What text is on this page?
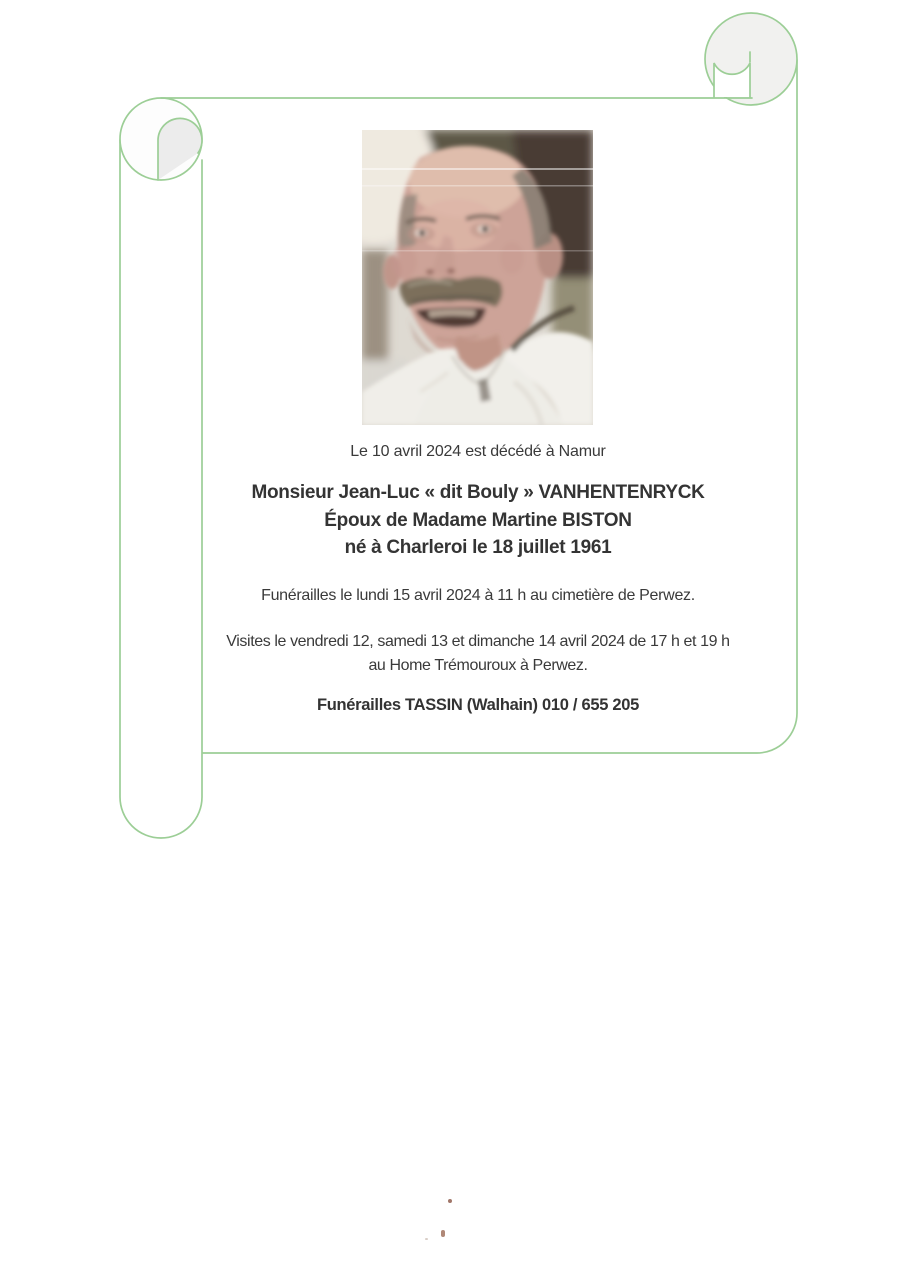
Le 10 avril 2024 est décédé à Namur
Monsieur Jean-Luc « dit Bouly » VANHENTENRYCK
Époux de Madame Martine BISTON
né à Charleroi le 18 juillet 1961
Funérailles le lundi 15 avril 2024 à 11 h au cimetière de Perwez.
Visites le vendredi 12, samedi 13 et dimanche 14 avril 2024 de 17 h et 19 h
au Home Trémouroux à Perwez.
Funérailles TASSIN (Walhain) 010 / 655 205
